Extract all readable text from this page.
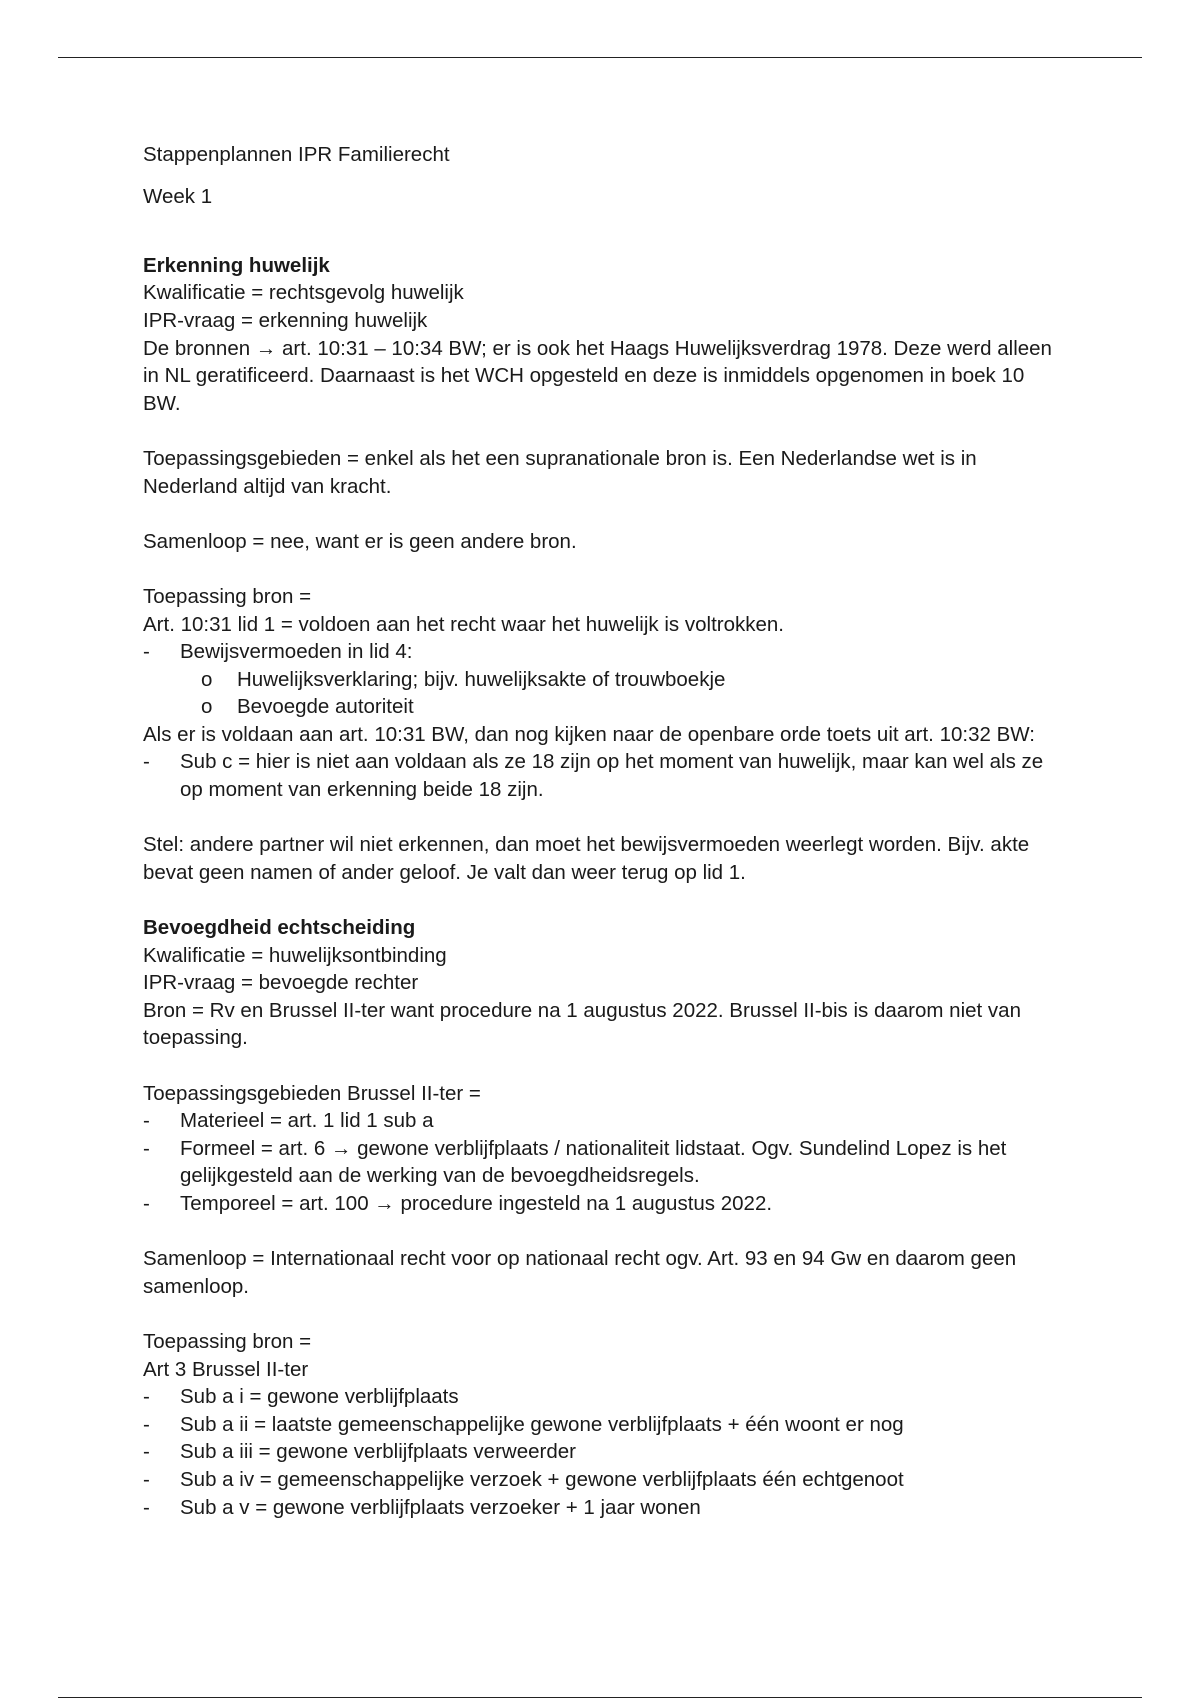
Stappenplannen IPR Familierecht

Week 1

Erkenning huwelijk

Kwalificatie = rechtsgevolg huwelijk

IPR-vraag = erkenning huwelijk

De bronnen → art. 10:31 – 10:34 BW; er is ook het Haags Huwelijksverdrag 1978. Deze werd alleen in NL geratificeerd. Daarnaast is het WCH opgesteld en deze is inmiddels opgenomen in boek 10 BW.

Toepassingsgebieden = enkel als het een supranationale bron is. Een Nederlandse wet is in Nederland altijd van kracht.

Samenloop = nee, want er is geen andere bron.

Toepassing bron =

Art. 10:31 lid 1 = voldoen aan het recht waar het huwelijk is voltrokken.

- Bewijsvermoeden in lid 4:

o Huwelijksverklaring; bijv. huwelijksakte of trouwboekje

o Bevoegde autoriteit

Als er is voldaan aan art. 10:31 BW, dan nog kijken naar de openbare orde toets uit art. 10:32 BW:

- Sub c = hier is niet aan voldaan als ze 18 zijn op het moment van huwelijk, maar kan wel als ze op moment van erkenning beide 18 zijn.

Stel: andere partner wil niet erkennen, dan moet het bewijsvermoeden weerlegt worden. Bijv. akte bevat geen namen of ander geloof. Je valt dan weer terug op lid 1.

Bevoegdheid echtscheiding

Kwalificatie = huwelijksontbinding

IPR-vraag = bevoegde rechter

Bron = Rv en Brussel II-ter want procedure na 1 augustus 2022. Brussel II-bis is daarom niet van toepassing.

Toepassingsgebieden Brussel II-ter =

- Materieel = art. 1 lid 1 sub a

- Formeel = art. 6 → gewone verblijfplaats / nationaliteit lidstaat. Ogv. Sundelind Lopez is het gelijkgesteld aan de werking van de bevoegdheidsregels.

- Temporeel = art. 100 → procedure ingesteld na 1 augustus 2022.

Samenloop = Internationaal recht voor op nationaal recht ogv. Art. 93 en 94 Gw en daarom geen samenloop.

Toepassing bron =

Art 3 Brussel II-ter

- Sub a i = gewone verblijfplaats

- Sub a ii = laatste gemeenschappelijke gewone verblijfplaats + één woont er nog

- Sub a iii = gewone verblijfplaats verweerder

- Sub a iv = gemeenschappelijke verzoek + gewone verblijfplaats één echtgenoot

- Sub a v = gewone verblijfplaats verzoeker + 1 jaar wonen
